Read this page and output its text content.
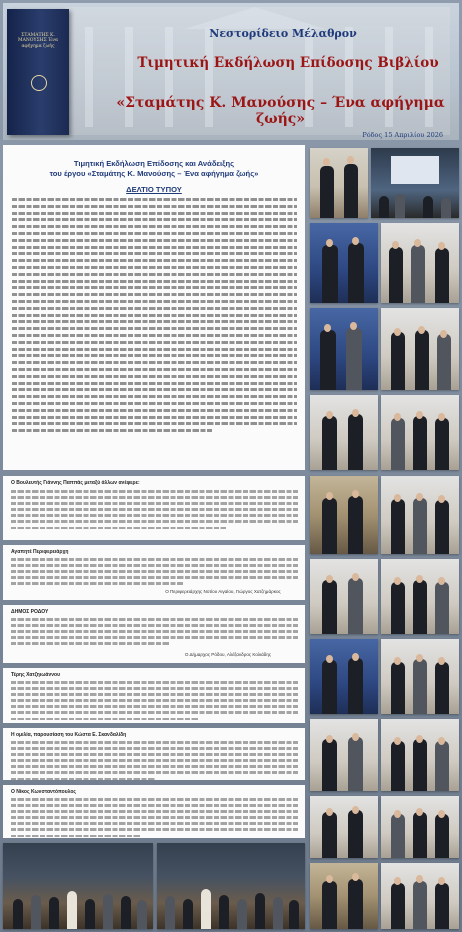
ΣΤΑΜΑΤΗΣ Κ. ΜΑΝΟΥΣΗΣ Ένα αφήγημα ζωής
Νεστορίδειο Μέλαθρον
Τιμητική Εκδήλωση Επίδοσης Βιβλίου
«Σταμάτης Κ. Μανούσης – Ένα αφήγημα ζωής»
Ρόδος 15 Απριλίου 2026
Τιμητική Εκδήλωση Επίδοσης και Ανάδειξης
του έργου «Σταμάτης Κ. Μανούσης – Ένα αφήγημα ζωής»
ΔΕΛΤΙΟ ΤΥΠΟΥ
Ο Βουλευτής Γιάννης Παππάς μεταξύ άλλων ανέφερε:
Αγαπητέ Περιφερειάρχη
Ο Περιφερειάρχης Νοτίου Αιγαίου, Γιώργος Χατζημάρκος
ΔΗΜΟΣ ΡΟΔΟΥ
Ο Δήμαρχος Ρόδου, Αλέξανδρος Κολιάδης
Τέρης Χατζηιωάννου
Η ομιλία, παρουσίαση του Κώστα Ε. Σκανδαλίδη
Ο Νίκος Κωνσταντόπουλος
